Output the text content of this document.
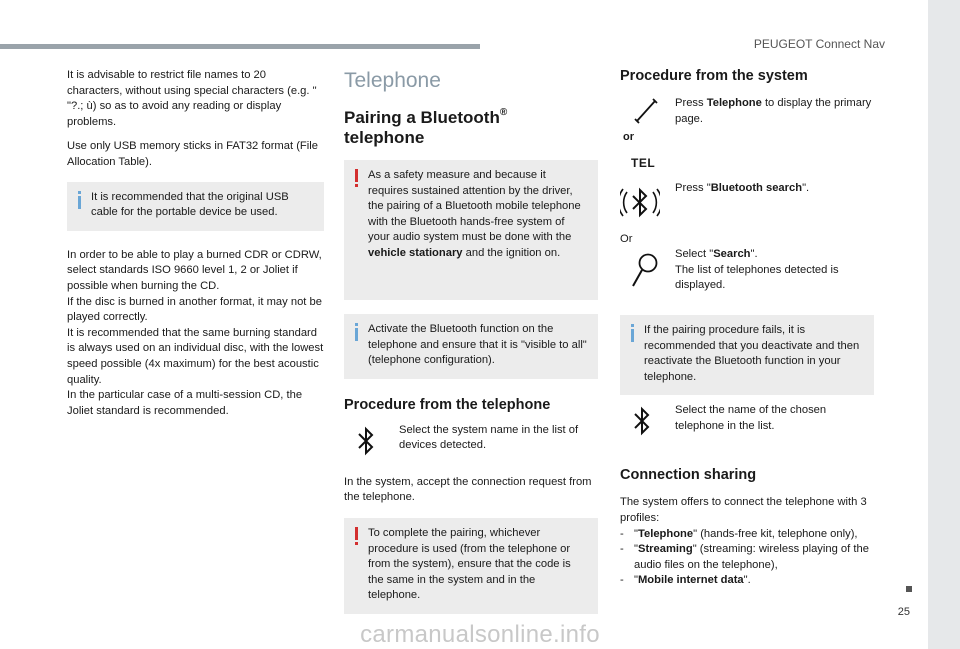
PEUGEOT Connect Nav
25

It is advisable to restrict file names to 20 characters, without using special characters (e.g. " "?.; ù) so as to avoid any reading or display problems.

Use only USB memory sticks in FAT32 format (File Allocation Table).

It is recommended that the original USB cable for the portable device be used.

In order to be able to play a burned CDR or CDRW, select standards ISO 9660 level 1, 2 or Joliet if possible when burning the CD.
If the disc is burned in another format, it may not be played correctly.
It is recommended that the same burning standard is always used on an individual disc, with the lowest speed possible (4x maximum) for the best acoustic quality.
In the particular case of a multi-session CD, the Joliet standard is recommended.

Telephone
Pairing a Bluetooth®
telephone
As a safety measure and because it requires sustained attention by the driver, the pairing of a Bluetooth mobile telephone with the Bluetooth hands-free system of your audio system must be done with the vehicle stationary and the ignition on.
Activate the Bluetooth function on the telephone and ensure that it is "visible to all" (telephone configuration).
Procedure from the telephone
Select the system name in the list of devices detected.

In the system, accept the connection request from the telephone.

To complete the pairing, whichever procedure is used (from the telephone or from the system), ensure that the code is the same in the system and in the telephone.
Procedure from the system
or
TEL
Press Telephone to display the primary page.
Press "Bluetooth search".
Or
Select "Search".
The list of telephones detected is displayed.
If the pairing procedure fails, it is recommended that you deactivate and then reactivate the Bluetooth function in your telephone.
Select the name of the chosen telephone in the list.
Connection sharing

The system offers to connect the telephone with 3 profiles:

- "Telephone" (hands-free kit, telephone only),
- "Streaming" (streaming: wireless playing of the audio files on the telephone),
- "Mobile internet data".
carmanualsonline.info
